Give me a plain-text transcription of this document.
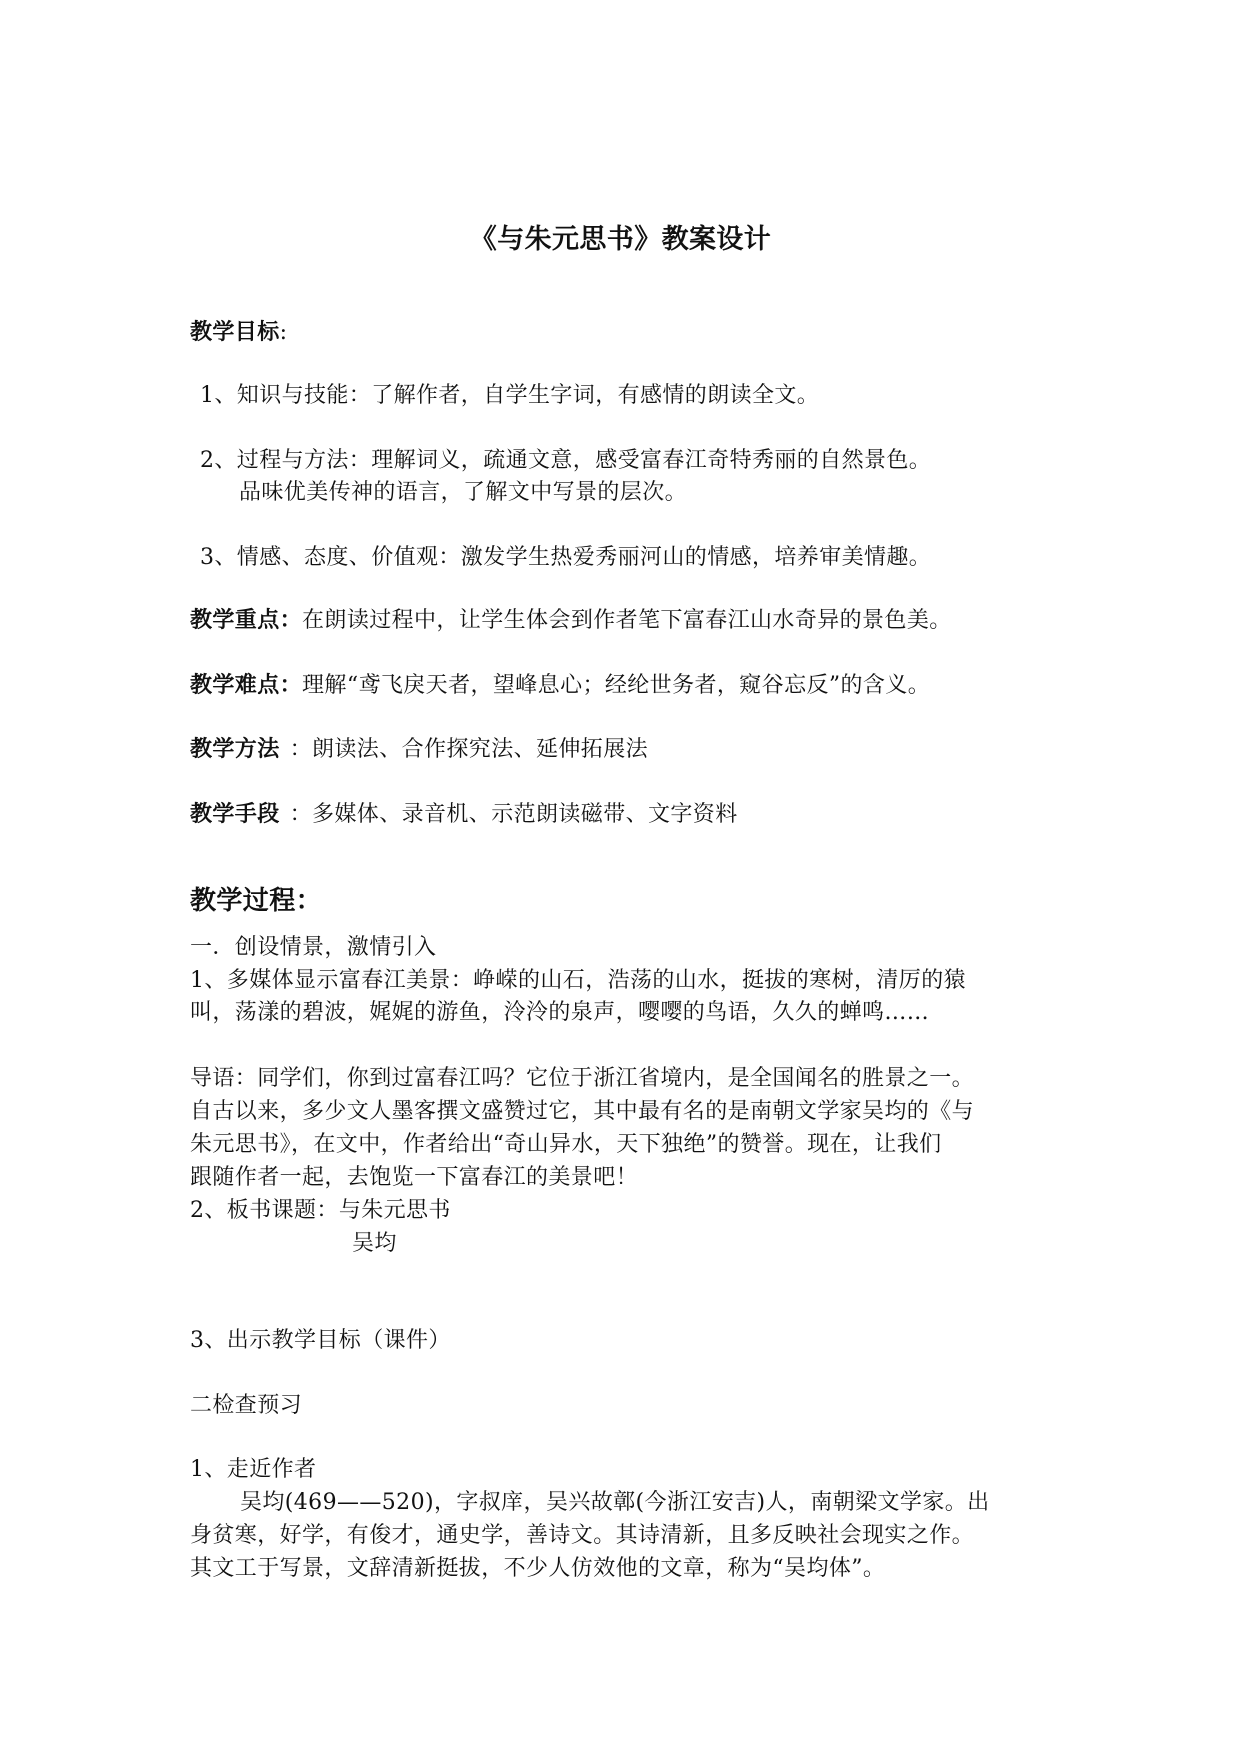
《与朱元思书》教案设计
教学目标:
1、知识与技能：了解作者，自学生字词，有感情的朗读全文。
2、过程与方法：理解词义，疏通文意，感受富春江奇特秀丽的自然景色。
品味优美传神的语言，了解文中写景的层次。
3、情感、态度、价值观：激发学生热爱秀丽河山的情感，培养审美情趣。
教学重点：在朗读过程中，让学生体会到作者笔下富春江山水奇异的景色美。
教学难点：理解“鸢飞戾天者，望峰息心；经纶世务者，窥谷忘反”的含义。
教学方法 ：朗读法、合作探究法、延伸拓展法
教学手段 ：多媒体、录音机、示范朗读磁带、文字资料
教学过程：
一．创设情景，激情引入
1、多媒体显示富春江美景：峥嵘的山石，浩荡的山水，挺拔的寒树，清厉的猿
叫，荡漾的碧波，娓娓的游鱼，泠泠的泉声，嘤嘤的鸟语，久久的蝉鸣……
导语：同学们，你到过富春江吗？它位于浙江省境内，是全国闻名的胜景之一。
自古以来，多少文人墨客撰文盛赞过它，其中最有名的是南朝文学家吴均的《与
朱元思书》，在文中，作者给出“奇山异水，天下独绝”的赞誉。现在，让我们
跟随作者一起，去饱览一下富春江的美景吧！
2、板书课题：与朱元思书
吴均
3、出示教学目标（课件）
二检查预习
1、走近作者
吴均(469——520)，字叔庠，吴兴故鄣(今浙江安吉)人，南朝梁文学家。出
身贫寒，好学，有俊才，通史学，善诗文。其诗清新，且多反映社会现实之作。
其文工于写景，文辞清新挺拔，不少人仿效他的文章，称为“吴均体”。
